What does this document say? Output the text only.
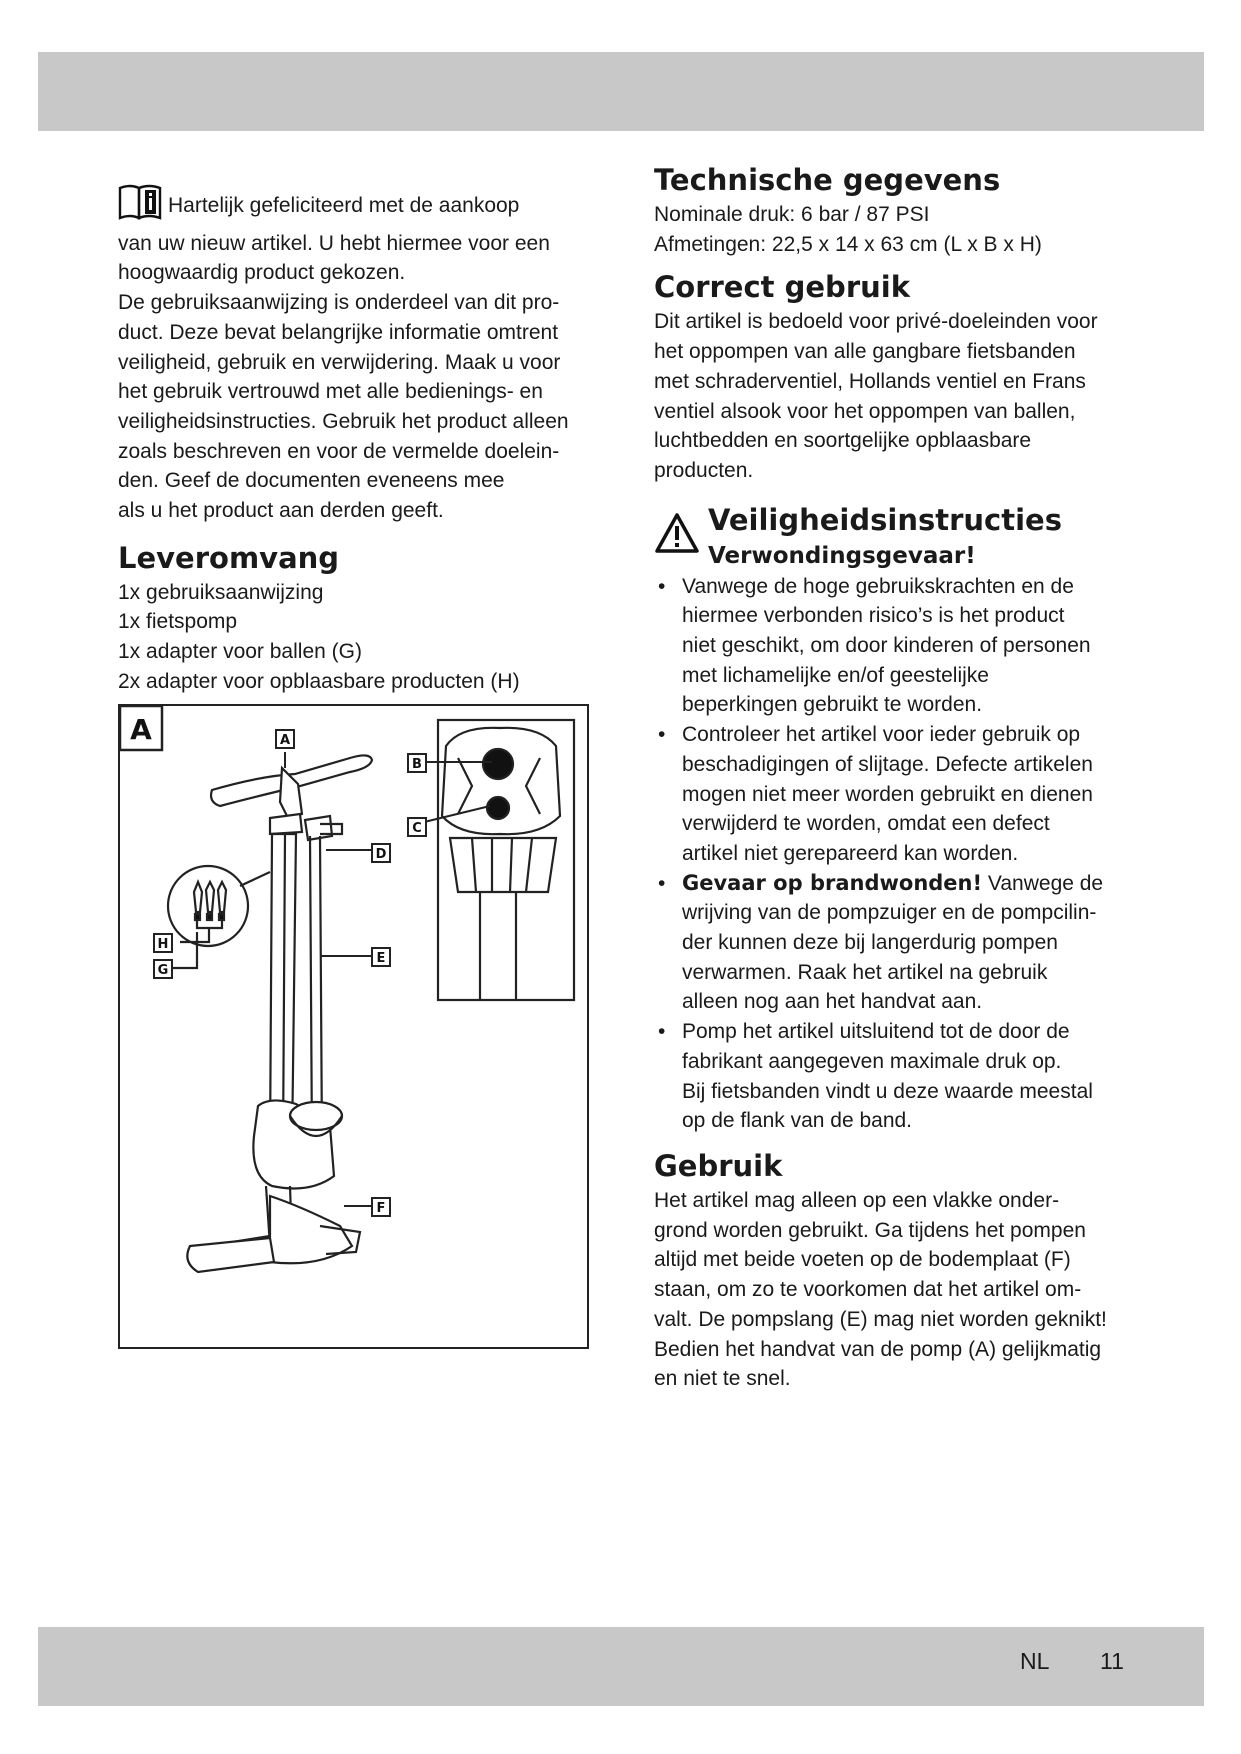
Hartelijk gefeliciteerd met de aankoop

van uw nieuw artikel. U hebt hiermee voor een

hoogwaardig product gekozen.

De gebruiksaanwijzing is onderdeel van dit pro-

duct. Deze bevat belangrijke informatie omtrent

veiligheid, gebruik en verwijdering. Maak u voor

het gebruik vertrouwd met alle bedienings- en

veiligheidsinstructies. Gebruik het product alleen

zoals beschreven en voor de vermelde doelein-

den. Geef de documenten eveneens mee

als u het product aan derden geeft.

Leveromvang

1x gebruiksaanwijzing

1x fietspomp

1x adapter voor ballen (G)

2x adapter voor opblaasbare producten (H)

A	A
B
C
D
E
F
G
H
Technische gegevens

Nominale druk: 6 bar / 87 PSI

Afmetingen: 22,5 x 14 x 63 cm (L x B x H)

Correct gebruik

Dit artikel is bedoeld voor privé-doeleinden voor

het oppompen van alle gangbare fietsbanden

met schraderventiel, Hollands ventiel en Frans

ventiel alsook voor het oppompen van ballen,

luchtbedden en soortgelijke opblaasbare

producten.

Veiligheidsinstructies
Verwondingsgevaar!

• Vanwege de hoge gebruikskrachten en de

hiermee verbonden risico’s is het product

niet geschikt, om door kinderen of personen

met lichamelijke en/of geestelijke

beperkingen gebruikt te worden.

• Controleer het artikel voor ieder gebruik op

beschadigingen of slijtage. Defecte artikelen

mogen niet meer worden gebruikt en dienen

verwijderd te worden, omdat een defect

artikel niet gerepareerd kan worden.

• Gevaar op brandwonden! Vanwege de

wrijving van de pompzuiger en de pompcilin-

der kunnen deze bij langerdurig pompen

verwarmen. Raak het artikel na gebruik

alleen nog aan het handvat aan.

• Pomp het artikel uitsluitend tot de door de

fabrikant aangegeven maximale druk op.

Bij fietsbanden vindt u deze waarde meestal

op de flank van de band.

Gebruik

Het artikel mag alleen op een vlakke onder-

grond worden gebruikt. Ga tijdens het pompen

altijd met beide voeten op de bodemplaat (F)

staan, om zo te voorkomen dat het artikel om-

valt. De pompslang (E) mag niet worden geknikt!

Bedien het handvat van de pomp (A) gelijkmatig

en niet te snel.

NL 11
